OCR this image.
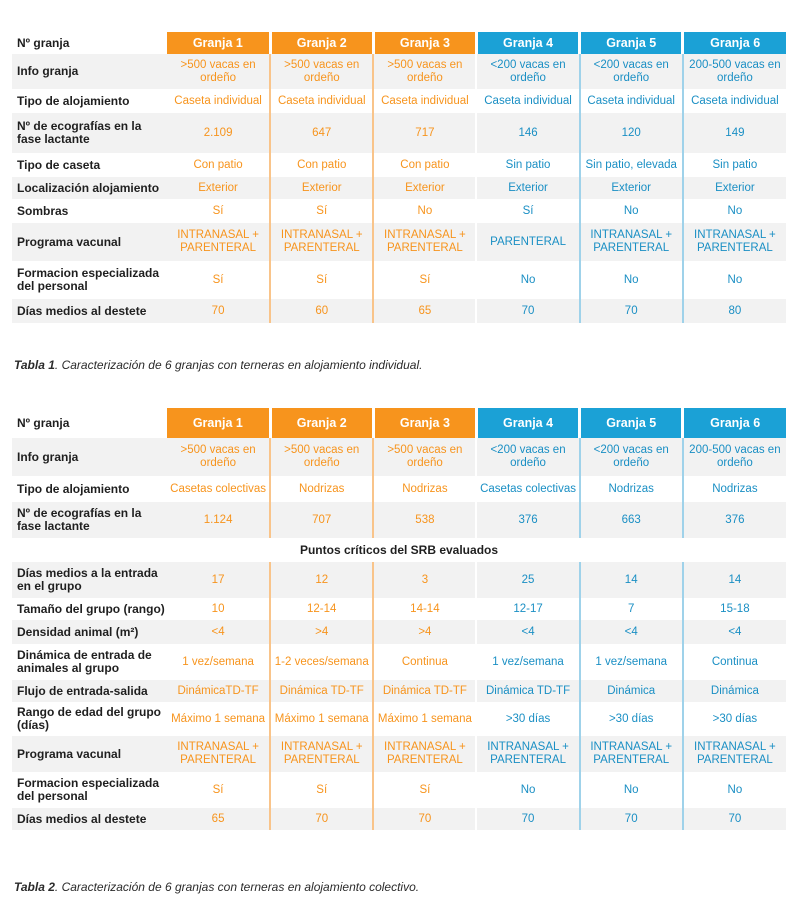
Nº granja	Granja 1	Granja 2	Granja 3	Granja 4	Granja 5	Granja 6
Info granja	>500 vacas en ordeño	>500 vacas en ordeño	>500 vacas en ordeño	<200 vacas en ordeño	<200 vacas en ordeño	200-500 vacas en ordeño
Tipo de alojamiento	Caseta individual	Caseta individual	Caseta individual	Caseta individual	Caseta individual	Caseta individual
Nº de ecografías en la fase lactante	2.109	647	717	146	120	149
Tipo de caseta	Con patio	Con patio	Con patio	Sin patio	Sin patio, elevada	Sin patio
Localización alojamiento	Exterior	Exterior	Exterior	Exterior	Exterior	Exterior
Sombras	Sí	Sí	No	Sí	No	No
Programa vacunal	INTRANASAL + PARENTERAL	INTRANASAL + PARENTERAL	INTRANASAL + PARENTERAL	PARENTERAL	INTRANASAL + PARENTERAL	INTRANASAL + PARENTERAL
Formacion especializada del personal	Sí	Sí	Sí	No	No	No
Días medios al destete	70	60	65	70	70	80
Tabla 1. Caracterización de 6 granjas con terneras en alojamiento individual.
Nº granja	Granja 1	Granja 2	Granja 3	Granja 4	Granja 5	Granja 6
Info granja	>500 vacas en ordeño	>500 vacas en ordeño	>500 vacas en ordeño	<200 vacas en ordeño	<200 vacas en ordeño	200-500 vacas en ordeño
Tipo de alojamiento	Casetas colectivas	Nodrizas	Nodrizas	Casetas colectivas	Nodrizas	Nodrizas
Nº de ecografías en la fase lactante	1.124	707	538	376	663	376
Puntos críticos del SRB evaluados						
Días medios a la entrada en el grupo	17	12	3	25	14	14
Tamaño del grupo (rango)	10	12-14	14-14	12-17	7	15-18
Densidad animal (m²)	<4	>4	>4	<4	<4	<4
Dinámica de entrada de animales al grupo	1 vez/semana	1-2 veces/semana	Continua	1 vez/semana	1 vez/semana	Continua
Flujo de entrada-salida	DinámicaTD-TF	Dinámica TD-TF	Dinámica TD-TF	Dinámica TD-TF	Dinámica	Dinámica
Rango de edad del grupo (días)	Máximo 1 semana	Máximo 1 semana	Máximo 1 semana	>30 días	>30 días	>30 días
Programa vacunal	INTRANASAL + PARENTERAL	INTRANASAL + PARENTERAL	INTRANASAL + PARENTERAL	INTRANASAL + PARENTERAL	INTRANASAL + PARENTERAL	INTRANASAL + PARENTERAL
Formacion especializada del personal	Sí	Sí	Sí	No	No	No
Días medios al destete	65	70	70	70	70	70
Tabla 2. Caracterización de 6 granjas con terneras en alojamiento colectivo.
